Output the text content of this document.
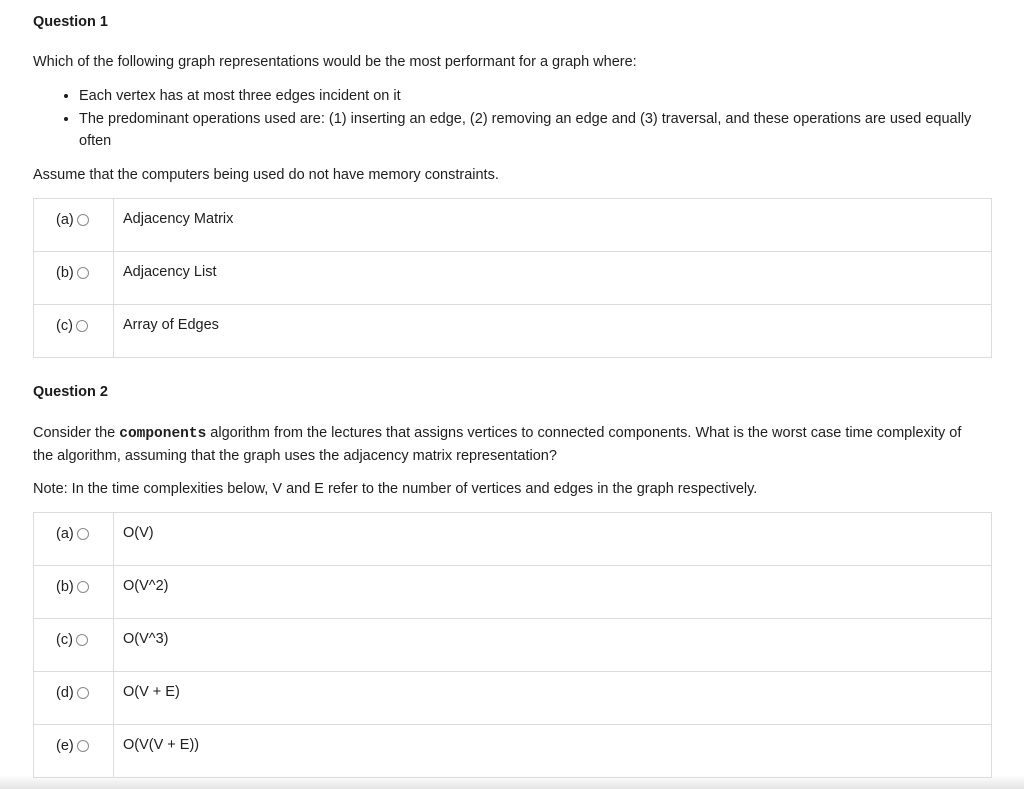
Question 1
Which of the following graph representations would be the most performant for a graph where:
• Each vertex has at most three edges incident on it
• The predominant operations used are: (1) inserting an edge, (2) removing an edge and (3) traversal, and these operations are used equally often
Assume that the computers being used do not have memory constraints.
(a)	Adjacency Matrix

(b)	Adjacency List

(c)	Array of Edges
Question 2
Consider the components algorithm from the lectures that assigns vertices to connected components. What is the worst case time complexity of the algorithm, assuming that the graph uses the adjacency matrix representation?
Note: In the time complexities below, V and E refer to the number of vertices and edges in the graph respectively.
(a)	O(V)

(b)	O(V^2)

(c)	O(V^3)

(d)	O(V + E)

(e)	O(V(V + E))
